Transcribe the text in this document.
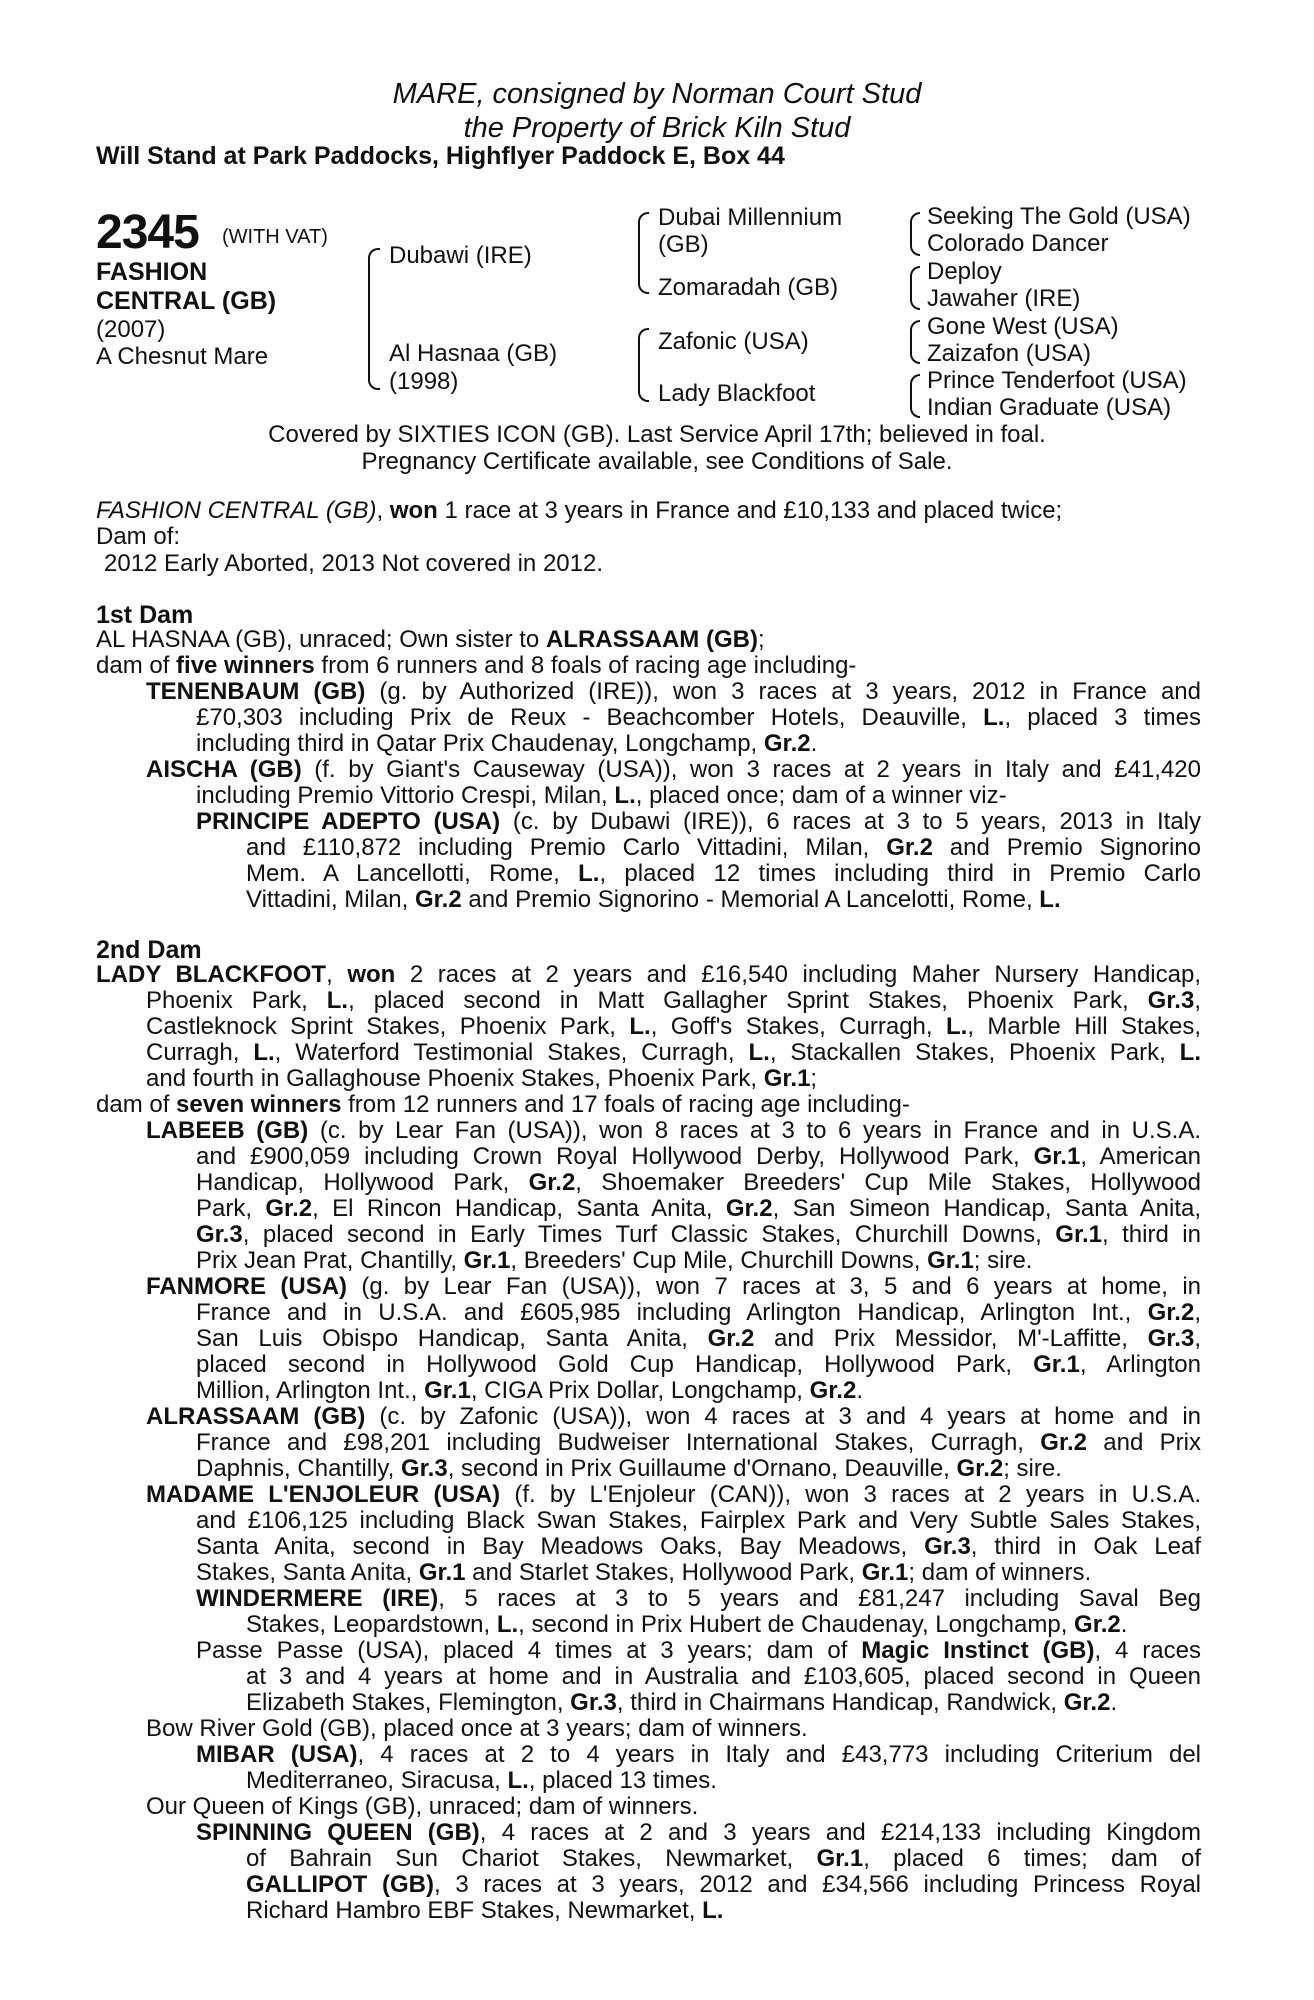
MARE, consigned by Norman Court Stud
the Property of Brick Kiln Stud
Will Stand at Park Paddocks, Highflyer Paddock E, Box 44
2345 (WITH VAT)
FASHION
CENTRAL (GB)
(2007)
A Chesnut Mare
Dubawi (IRE)
Al Hasnaa (GB)
(1998)
Dubai Millennium
(GB)
Zomaradah (GB)
Zafonic (USA)
Lady Blackfoot
Seeking The Gold (USA)
Colorado Dancer
Deploy
Jawaher (IRE)
Gone West (USA)
Zaizafon (USA)
Prince Tenderfoot (USA)
Indian Graduate (USA)
Covered by SIXTIES ICON (GB). Last Service April 17th; believed in foal.
Pregnancy Certificate available, see Conditions of Sale.
FASHION CENTRAL (GB), won 1 race at 3 years in France and £10,133 and placed twice;
Dam of:
2012 Early Aborted, 2013 Not covered in 2012.
1st Dam
AL HASNAA (GB), unraced; Own sister to ALRASSAAM (GB);
dam of five winners from 6 runners and 8 foals of racing age including-
TENENBAUM (GB) (g. by Authorized (IRE)), won 3 races at 3 years, 2012 in France and
£70,303 including Prix de Reux - Beachcomber Hotels, Deauville, L., placed 3 times
including third in Qatar Prix Chaudenay, Longchamp, Gr.2.
AISCHA (GB) (f. by Giant's Causeway (USA)), won 3 races at 2 years in Italy and £41,420
including Premio Vittorio Crespi, Milan, L., placed once; dam of a winner viz-
PRINCIPE ADEPTO (USA) (c. by Dubawi (IRE)), 6 races at 3 to 5 years, 2013 in Italy
and £110,872 including Premio Carlo Vittadini, Milan, Gr.2 and Premio Signorino
Mem. A Lancellotti, Rome, L., placed 12 times including third in Premio Carlo
Vittadini, Milan, Gr.2 and Premio Signorino - Memorial A Lancelotti, Rome, L.
2nd Dam
LADY BLACKFOOT, won 2 races at 2 years and £16,540 including Maher Nursery Handicap,
Phoenix Park, L., placed second in Matt Gallagher Sprint Stakes, Phoenix Park, Gr.3,
Castleknock Sprint Stakes, Phoenix Park, L., Goff's Stakes, Curragh, L., Marble Hill Stakes,
Curragh, L., Waterford Testimonial Stakes, Curragh, L., Stackallen Stakes, Phoenix Park, L.
and fourth in Gallaghouse Phoenix Stakes, Phoenix Park, Gr.1;
dam of seven winners from 12 runners and 17 foals of racing age including-
LABEEB (GB) (c. by Lear Fan (USA)), won 8 races at 3 to 6 years in France and in U.S.A.
and £900,059 including Crown Royal Hollywood Derby, Hollywood Park, Gr.1, American
Handicap, Hollywood Park, Gr.2, Shoemaker Breeders' Cup Mile Stakes, Hollywood
Park, Gr.2, El Rincon Handicap, Santa Anita, Gr.2, San Simeon Handicap, Santa Anita,
Gr.3, placed second in Early Times Turf Classic Stakes, Churchill Downs, Gr.1, third in
Prix Jean Prat, Chantilly, Gr.1, Breeders' Cup Mile, Churchill Downs, Gr.1; sire.
FANMORE (USA) (g. by Lear Fan (USA)), won 7 races at 3, 5 and 6 years at home, in
France and in U.S.A. and £605,985 including Arlington Handicap, Arlington Int., Gr.2,
San Luis Obispo Handicap, Santa Anita, Gr.2 and Prix Messidor, M'-Laffitte, Gr.3,
placed second in Hollywood Gold Cup Handicap, Hollywood Park, Gr.1, Arlington
Million, Arlington Int., Gr.1, CIGA Prix Dollar, Longchamp, Gr.2.
ALRASSAAM (GB) (c. by Zafonic (USA)), won 4 races at 3 and 4 years at home and in
France and £98,201 including Budweiser International Stakes, Curragh, Gr.2 and Prix
Daphnis, Chantilly, Gr.3, second in Prix Guillaume d'Ornano, Deauville, Gr.2; sire.
MADAME L'ENJOLEUR (USA) (f. by L'Enjoleur (CAN)), won 3 races at 2 years in U.S.A.
and £106,125 including Black Swan Stakes, Fairplex Park and Very Subtle Sales Stakes,
Santa Anita, second in Bay Meadows Oaks, Bay Meadows, Gr.3, third in Oak Leaf
Stakes, Santa Anita, Gr.1 and Starlet Stakes, Hollywood Park, Gr.1; dam of winners.
WINDERMERE (IRE), 5 races at 3 to 5 years and £81,247 including Saval Beg
Stakes, Leopardstown, L., second in Prix Hubert de Chaudenay, Longchamp, Gr.2.
Passe Passe (USA), placed 4 times at 3 years; dam of Magic Instinct (GB), 4 races
at 3 and 4 years at home and in Australia and £103,605, placed second in Queen
Elizabeth Stakes, Flemington, Gr.3, third in Chairmans Handicap, Randwick, Gr.2.
Bow River Gold (GB), placed once at 3 years; dam of winners.
MIBAR (USA), 4 races at 2 to 4 years in Italy and £43,773 including Criterium del
Mediterraneo, Siracusa, L., placed 13 times.
Our Queen of Kings (GB), unraced; dam of winners.
SPINNING QUEEN (GB), 4 races at 2 and 3 years and £214,133 including Kingdom
of Bahrain Sun Chariot Stakes, Newmarket, Gr.1, placed 6 times; dam of
GALLIPOT (GB), 3 races at 3 years, 2012 and £34,566 including Princess Royal
Richard Hambro EBF Stakes, Newmarket, L.
